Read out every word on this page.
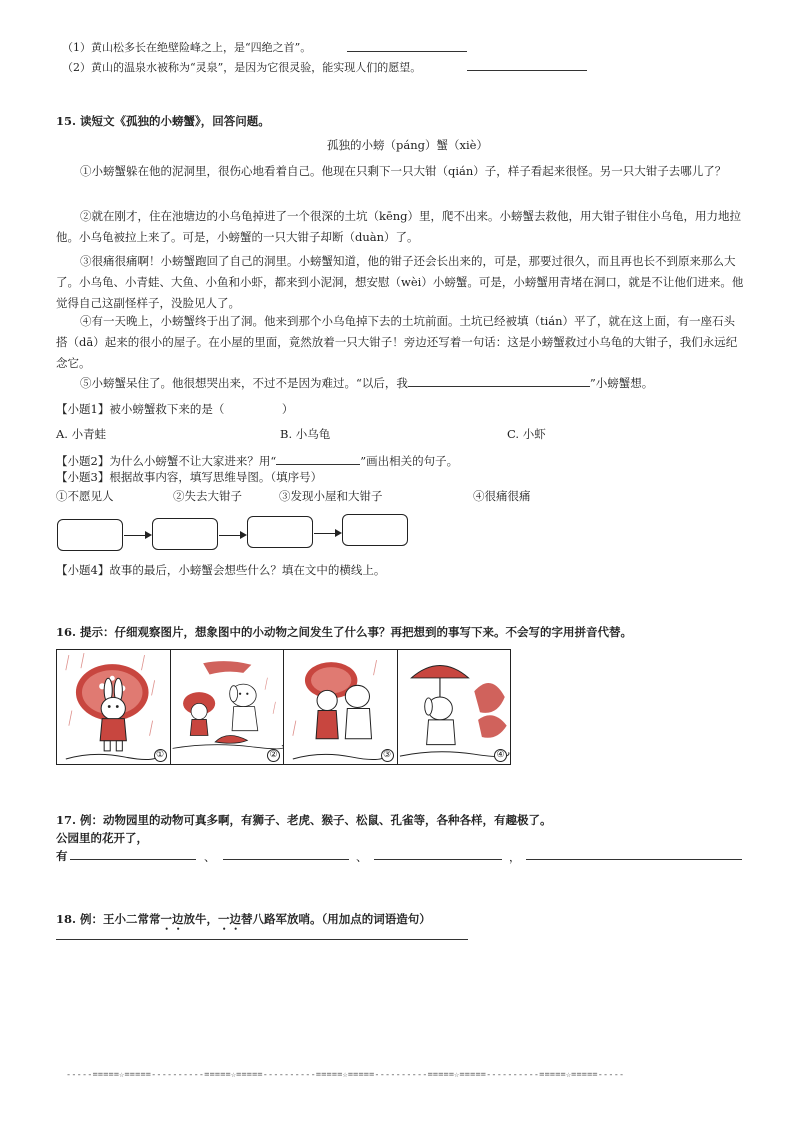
（1）黄山松多长在绝壁险峰之上，是“四绝之首”。
（2）黄山的温泉水被称为“灵泉”，是因为它很灵验，能实现人们的愿望。
15. 读短文《孤独的小螃蟹》，回答问题。
孤独的小螃（páng）蟹（xiè）
①小螃蟹躲在他的泥洞里，很伤心地看着自己。他现在只剩下一只大钳（qián）子，样子看起来很怪。另一只大钳子去哪儿了？
②就在刚才，住在池塘边的小乌龟掉进了一个很深的土坑（kēng）里，爬不出来。小螃蟹去救他，用大钳子钳住小乌龟，用力地拉他。小乌龟被拉上来了。可是，小螃蟹的一只大钳子却断（duàn）了。
③很痛很痛啊！小螃蟹跑回了自己的洞里。小螃蟹知道，他的钳子还会长出来的，可是，那要过很久，而且再也长不到原来那么大了。小乌龟、小青蛙、大鱼、小鱼和小虾，都来到小泥洞，想安慰（wèi）小螃蟹。可是，小螃蟹用青堵在洞口，就是不让他们进来。他觉得自己这副怪样子，没脸见人了。
④有一天晚上，小螃蟹终于出了洞。他来到那个小乌龟掉下去的土坑前面。土坑已经被填（tián）平了，就在这上面，有一座石头搭（dā）起来的很小的屋子。在小屋的里面，竟然放着一只大钳子！旁边还写着一句话：这是小螃蟹救过小乌龟的大钳子，我们永远纪念它。
⑤小螃蟹呆住了。他很想哭出来，不过不是因为难过。“以后，我	”小螃蟹想。
【小题1】被小螃蟹救下来的是（　　　　　）
A. 小青蛙	B. 小乌龟	C. 小虾
【小题2】为什么小螃蟹不让大家进来？用“	”画出相关的句子。
【小题3】根据故事内容，填写思维导图。（填序号）
①不愿见人	②失去大钳子	③发现小屋和大钳子	④很痛很痛
【小题4】故事的最后，小螃蟹会想些什么？填在文中的横线上。
16. 提示：仔细观察图片，想象图中的小动物之间发生了什么事？再把想到的事写下来。不会写的字用拼音代替。
①	②	③	④
17. 例：动物园里的动物可真多啊，有狮子、老虎、猴子、松鼠、孔雀等，各种各样，有趣极了。
公园里的花开了，
有	、	、	，
18. 例：王小二常常一边放牛，一边替八路军放哨。（用加点的词语造句）
-----=====☆=====----------=====☆=====----------=====☆=====----------=====☆=====----------=====☆=====-----
